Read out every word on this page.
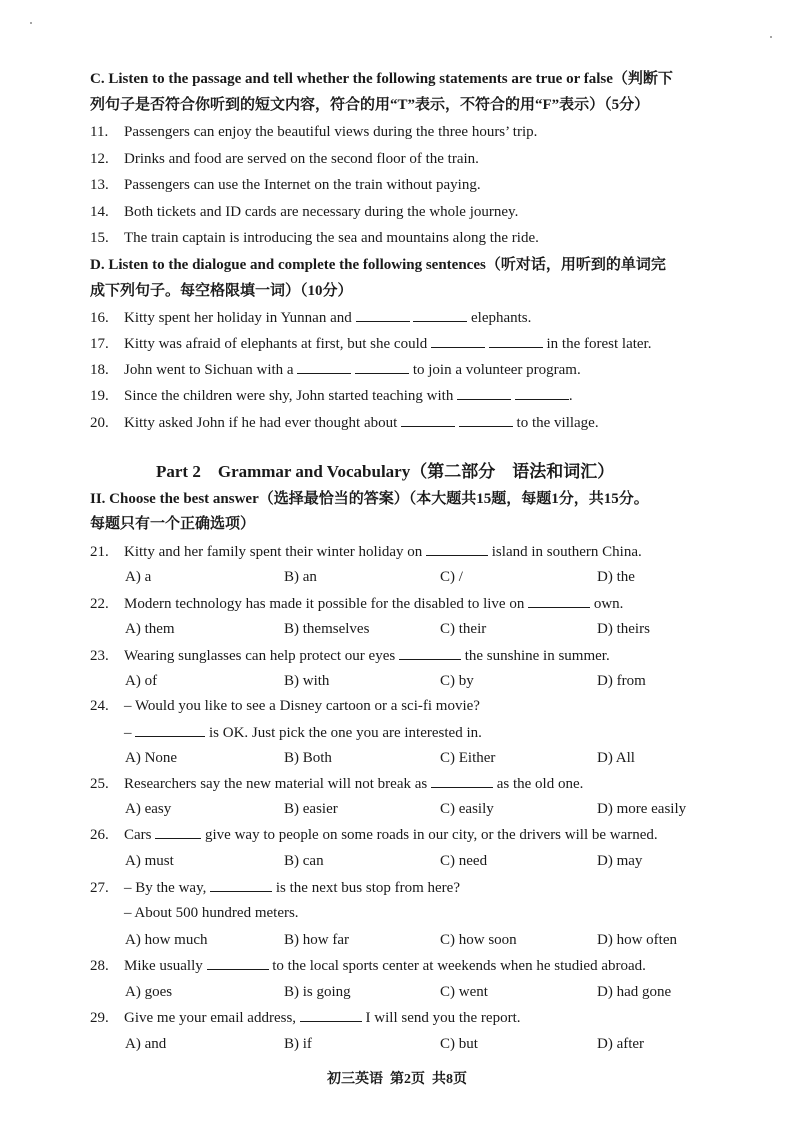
C. Listen to the passage and tell whether the following statements are true or false（判断下
列句子是否符合你听到的短文内容，符合的用“T”表示，不符合的用“F”表示）（5分）
11. Passengers can enjoy the beautiful views during the three hours’ trip.
12. Drinks and food are served on the second floor of the train.
13. Passengers can use the Internet on the train without paying.
14. Both tickets and ID cards are necessary during the whole journey.
15. The train captain is introducing the sea and mountains along the ride.
D. Listen to the dialogue and complete the following sentences（听对话，用听到的单词完
成下列句子。每空格限填一词）（10分）
16. Kitty spent her holiday in Yunnan and	elephants.
17. Kitty was afraid of elephants at first, but she could	in the forest later.
18. John went to Sichuan with a	to join a volunteer program.
19. Since the children were shy, John started teaching with	.
20. Kitty asked John if he had ever thought about	to the village.
Part 2    Grammar and Vocabulary（第二部分    语法和词汇）
II. Choose the best answer（选择最恰当的答案）（本大题共15题，每题1分，共15分。
每题只有一个正确选项）
21. Kitty and her family spent their winter holiday on	island in southern China.
A) a	B) an	C) /	D) the
22. Modern technology has made it possible for the disabled to live on	own.
A) them	B) themselves	C) their	D) theirs
23. Wearing sunglasses can help protect our eyes	the sunshine in summer.
A) of	B) with	C) by	D) from
24. – Would you like to see a Disney cartoon or a sci-fi movie?
–	is OK. Just pick the one you are interested in.
A) None	B) Both	C) Either	D) All
25. Researchers say the new material will not break as	as the old one.
A) easy	B) easier	C) easily	D) more easily
26. Cars	give way to people on some roads in our city, or the drivers will be warned.
A) must	B) can	C) need	D) may
27. – By the way,	is the next bus stop from here?
– About 500 hundred meters.
A) how much	B) how far	C) how soon	D) how often
28. Mike usually	to the local sports center at weekends when he studied abroad.
A) goes	B) is going	C) went	D) had gone
29. Give me your email address,	I will send you the report.
A) and	B) if	C) but	D) after
初三英语  第2页  共8页
